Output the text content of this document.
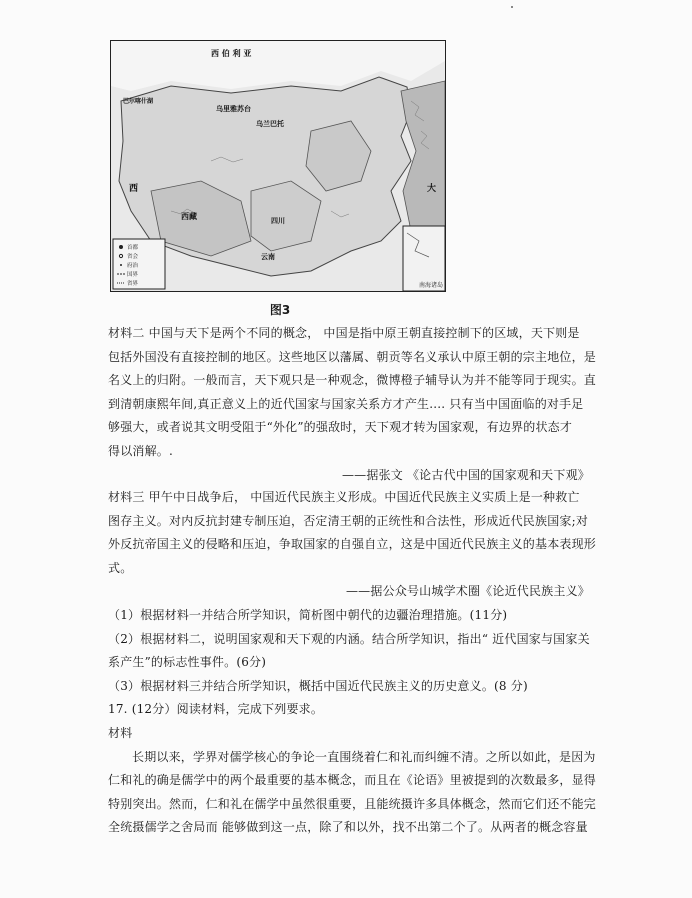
南海诸岛
首都
省会
府治
国界
省界
西 伯 利 亚
巴尔喀什湖
乌里雅苏台
乌兰巴托
西
西藏	四川
云南
大
图3

材料二 中国与天下是两个不同的概念， 中国是指中原王朝直接控制下的区域，天下则是

包括外国没有直接控制的地区。这些地区以藩属、朝贡等名义承认中原王朝的宗主地位，是

名义上的归附。一般而言，天下观只是一种观念，微博橙子辅导认为并不能等同于现实。直

到清朝康熙年间,真正意义上的近代国家与国家关系方才产生.... 只有当中国面临的对手足

够强大，或者说其文明受阻于“外化”的强敌时，天下观才转为国家观，有边界的状态才

得以消解。.

——据张文 《论古代中国的国家观和天下观》

材料三 甲午中日战争后， 中国近代民族主义形成。中国近代民族主义实质上是一种救亡

图存主义。对内反抗封建专制压迫，否定清王朝的正统性和合法性，形成近代民族国家;对

外反抗帝国主义的侵略和压迫，争取国家的自强自立，这是中国近代民族主义的基本表现形

式。

——据公众号山城学术圈《论近代民族主义》

（1）根据材料一并结合所学知识，简析图中朝代的边疆治理措施。(11分)

（2）根据材料二，说明国家观和天下观的内涵。结合所学知识，指出“ 近代国家与国家关

系产生”的标志性事件。(6分)

（3）根据材料三并结合所学知识，概括中国近代民族主义的历史意义。(8 分)

17. (12分）阅读材料，完成下列要求。

材料

长期以来，学界对儒学核心的争论一直围绕着仁和礼而纠缠不清。之所以如此，是因为

仁和礼的确是儒学中的两个最重要的基本概念，而且在《论语》里被提到的次数最多，显得

特别突出。然而，仁和礼在儒学中虽然很重要，且能统摄许多具体概念，然而它们还不能完

全统摄儒学之舍局而 能够做到这一点，除了和以外，找不出第二个了。从两者的概念容量
